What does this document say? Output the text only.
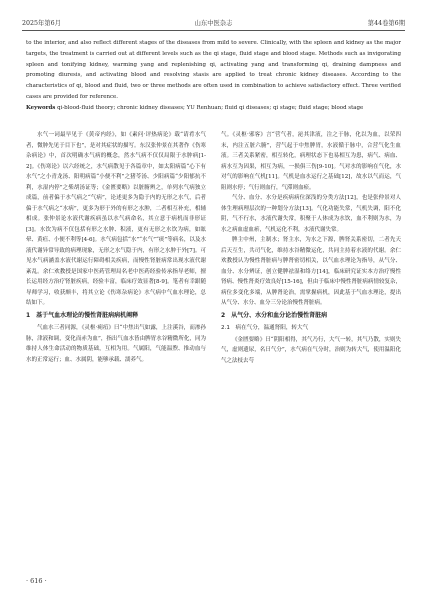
2025年第6月	山东中医杂志	第44卷第6期
to the interior, and also reflect different stages of the diseases from mild to severe. Clinically, with the spleen and kidney as the major targets, the treatment is carried out at different levels such as the qi stage, fluid stage and blood stage. Methods such as invigorating spleen and tonifying kidney, warming yang and replenishing qi, activating yang and transforming qi, draining dampness and promoting diuresis, and activating blood and resolving stasis are applied to treat chronic kidney diseases. According to the characteristics of qi, blood and fluid, two or three methods are often used in combination to achieve satisfactory effect. Three verified cases are provided for reference.
Keywords qi-blood-fluid theory; chronic kidney diseases; YU Renhuan; fluid qi diseases; qi stage; fluid stage; blood stage

水气一词最早见于《黄帝内经》，如《素问·评热病论》载“请肴水气者，微肿先见于目下也”，是对其症状的描写。东汉张仲景在其著作《伤寒杂病论》中，首次明确水气病的概念，然水气病不仅仅局限于水肿病[1-2]。《伤寒论》以六经统之，水气病散见于各篇章中，如太阳病篇“心下有水气”之小青龙汤、阳明病篇“小便不利”之猪苓汤、少阳病篇“少阳郁抗不利，水湿内停”之柴胡汤证等；《金匮要略》以脏腑辨之，单列水气病独立成篇，前者偏于水气病之“气病”，论述更多为隐于内的无形之水气，后者偏于水气病之“水病”，更多为形于外的有形之水肿，二者相互补充，相辅相成。张仲景论水液代谢疾病虽以水气病命名，其立意于病机而非形证[3]。水饮为病不仅包括有形之水肿、积液，更有无形之水饮为病，如眩晕、黄疸、小便不利等[4-6]。水气病包括“水”“水气”“痰”等病名，以及水液代谢异常导致的病理现象，无形之水气隐于内，有形之水肿于外[7]。可见水气病涵盖水液代谢运行障碍相关疾病，而慢性肾脏病常出现水液代谢紊乱。余仁欢教授是国家中医药管理局名老中医药经验传承指导老师，擅长运用经方治疗肾脏疾病，经验丰富，临床疗效显著[8-9]。笔者有幸跟随导师学习，收获颇丰，将其立论《伤寒杂病论》水气病中气血水理论，总结如下。

1　基于气血水理论的慢性肾脏病病机阐释

气血水三者同源，《灵枢·痈疽》曰“中焦出气如露，上注溪谷，而渗孙脉，津液和调，变化而赤为血”，指出气血水皆由脾胃水谷精微所化，同为维持人体生命活动的物质基础，互相为用。气属阳，气能温煦、推动血与水的正常运行；血、水属阴，能够承载、濡养气。

气。《灵枢·邪客》言“营气者，泌其津液，注之于脉，化以为血，以荣四末，内注五脏六腑”，营气起于中焦脾胃，水液循于脉中，合营气化生血液。三者关系紧密，相互转化，病理状态下也易相互为患，病气、病血、病水互为因果，相互为病，一损俱三伤[9-10]。气对水的影响在气化，水对气的影响在气机[11]。气机是血水运行之基础[12]，故水以气而运，气阻则水停；气行则血行，气滞则血瘀。

气分、血分、水分是疾病病位深浅的分类方法[12]，也是张仲景对人体生理病理层次的一种划分方法[13]。气化功能失常，气机失调，阳不化阴，气不行水，水液代谢失常，积聚于人体成为水饮，血不利则为水，为水之病血虚血瘀，气机运化不利，水液代谢失常。

脾主中州，主制水；肾主水，为水之下源，脾肾关系密切，二者先天后天互生，共司气化，维持水谷精微运化，共同主持着水液的代谢。余仁欢教授认为慢性肾脏病与脾肾密切相关，以气血水理论为指导，从气分、血分、水分辨证，创立健脾祛湿和络方[14]，临床研究证实本方治疗慢性肾病、慢性肾炎疗效良好[15-16]，但由于临床中慢性肾脏病病情较复杂，病位多变化多端，从脾肾论治，需掌握病机，因此基于气血水理论，提出从气分、水分、血分三分论治慢性肾脏病。

2　从气分、水分和血分论治慢性肾脏病

2.1　病在气分，温通肾阳，转大气

《金匮要略》曰“阴阳相得，其气乃行，大气一转，其气乃散，实则失气，虚则遗尿，名曰气分”，水气病在气分时，治则为转大气，使用温阳化气之法枝去芍

· 616 ·
